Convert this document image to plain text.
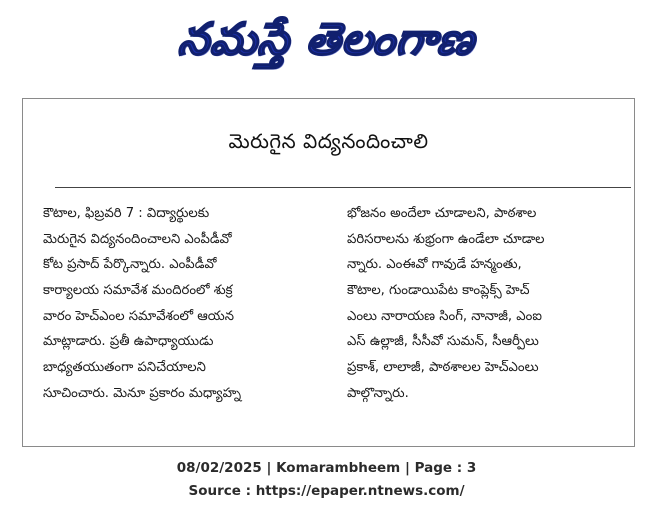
నమస్తే తెలంగాణ
మెరుగైన విద్యనందించాలి
కౌటాల, ఫిబ్రవరి 7 : విద్యార్థులకు
మెరుగైన విద్యనందించాలని ఎంపీడీవో
కోట ప్రసాద్ పేర్కొన్నారు. ఎంపీడీవో
కార్యాలయ సమావేశ మందిరంలో శుక్ర
వారం హెచ్ఎంల సమావేశంలో ఆయన
మాట్లాడారు. ప్రతీ ఉపాధ్యాయుడు
బాధ్యతయుతంగా పనిచేయాలని
సూచించారు. మెనూ ప్రకారం మధ్యాహ్న
భోజనం అందేలా చూడాలని, పాఠశాల
పరిసరాలను శుభ్రంగా ఉండేలా చూడాల
న్నారు. ఎంఈవో గావుడే హన్మంతు,
కౌటాల, గుండాయిపేట కాంప్లెక్స్ హెచ్
ఎంలు నారాయణ సింగ్, నానాజీ, ఎంఐ
ఎస్ ఉల్లాజీ, సీసీవో సుమన్, సీఆర్పీలు
ప్రకాశ్, లాలాజీ, పాఠశాలల హెచ్ఎంలు
పాల్గొన్నారు.
08/02/2025 | Komarambheem | Page : 3
Source : https://epaper.ntnews.com/
